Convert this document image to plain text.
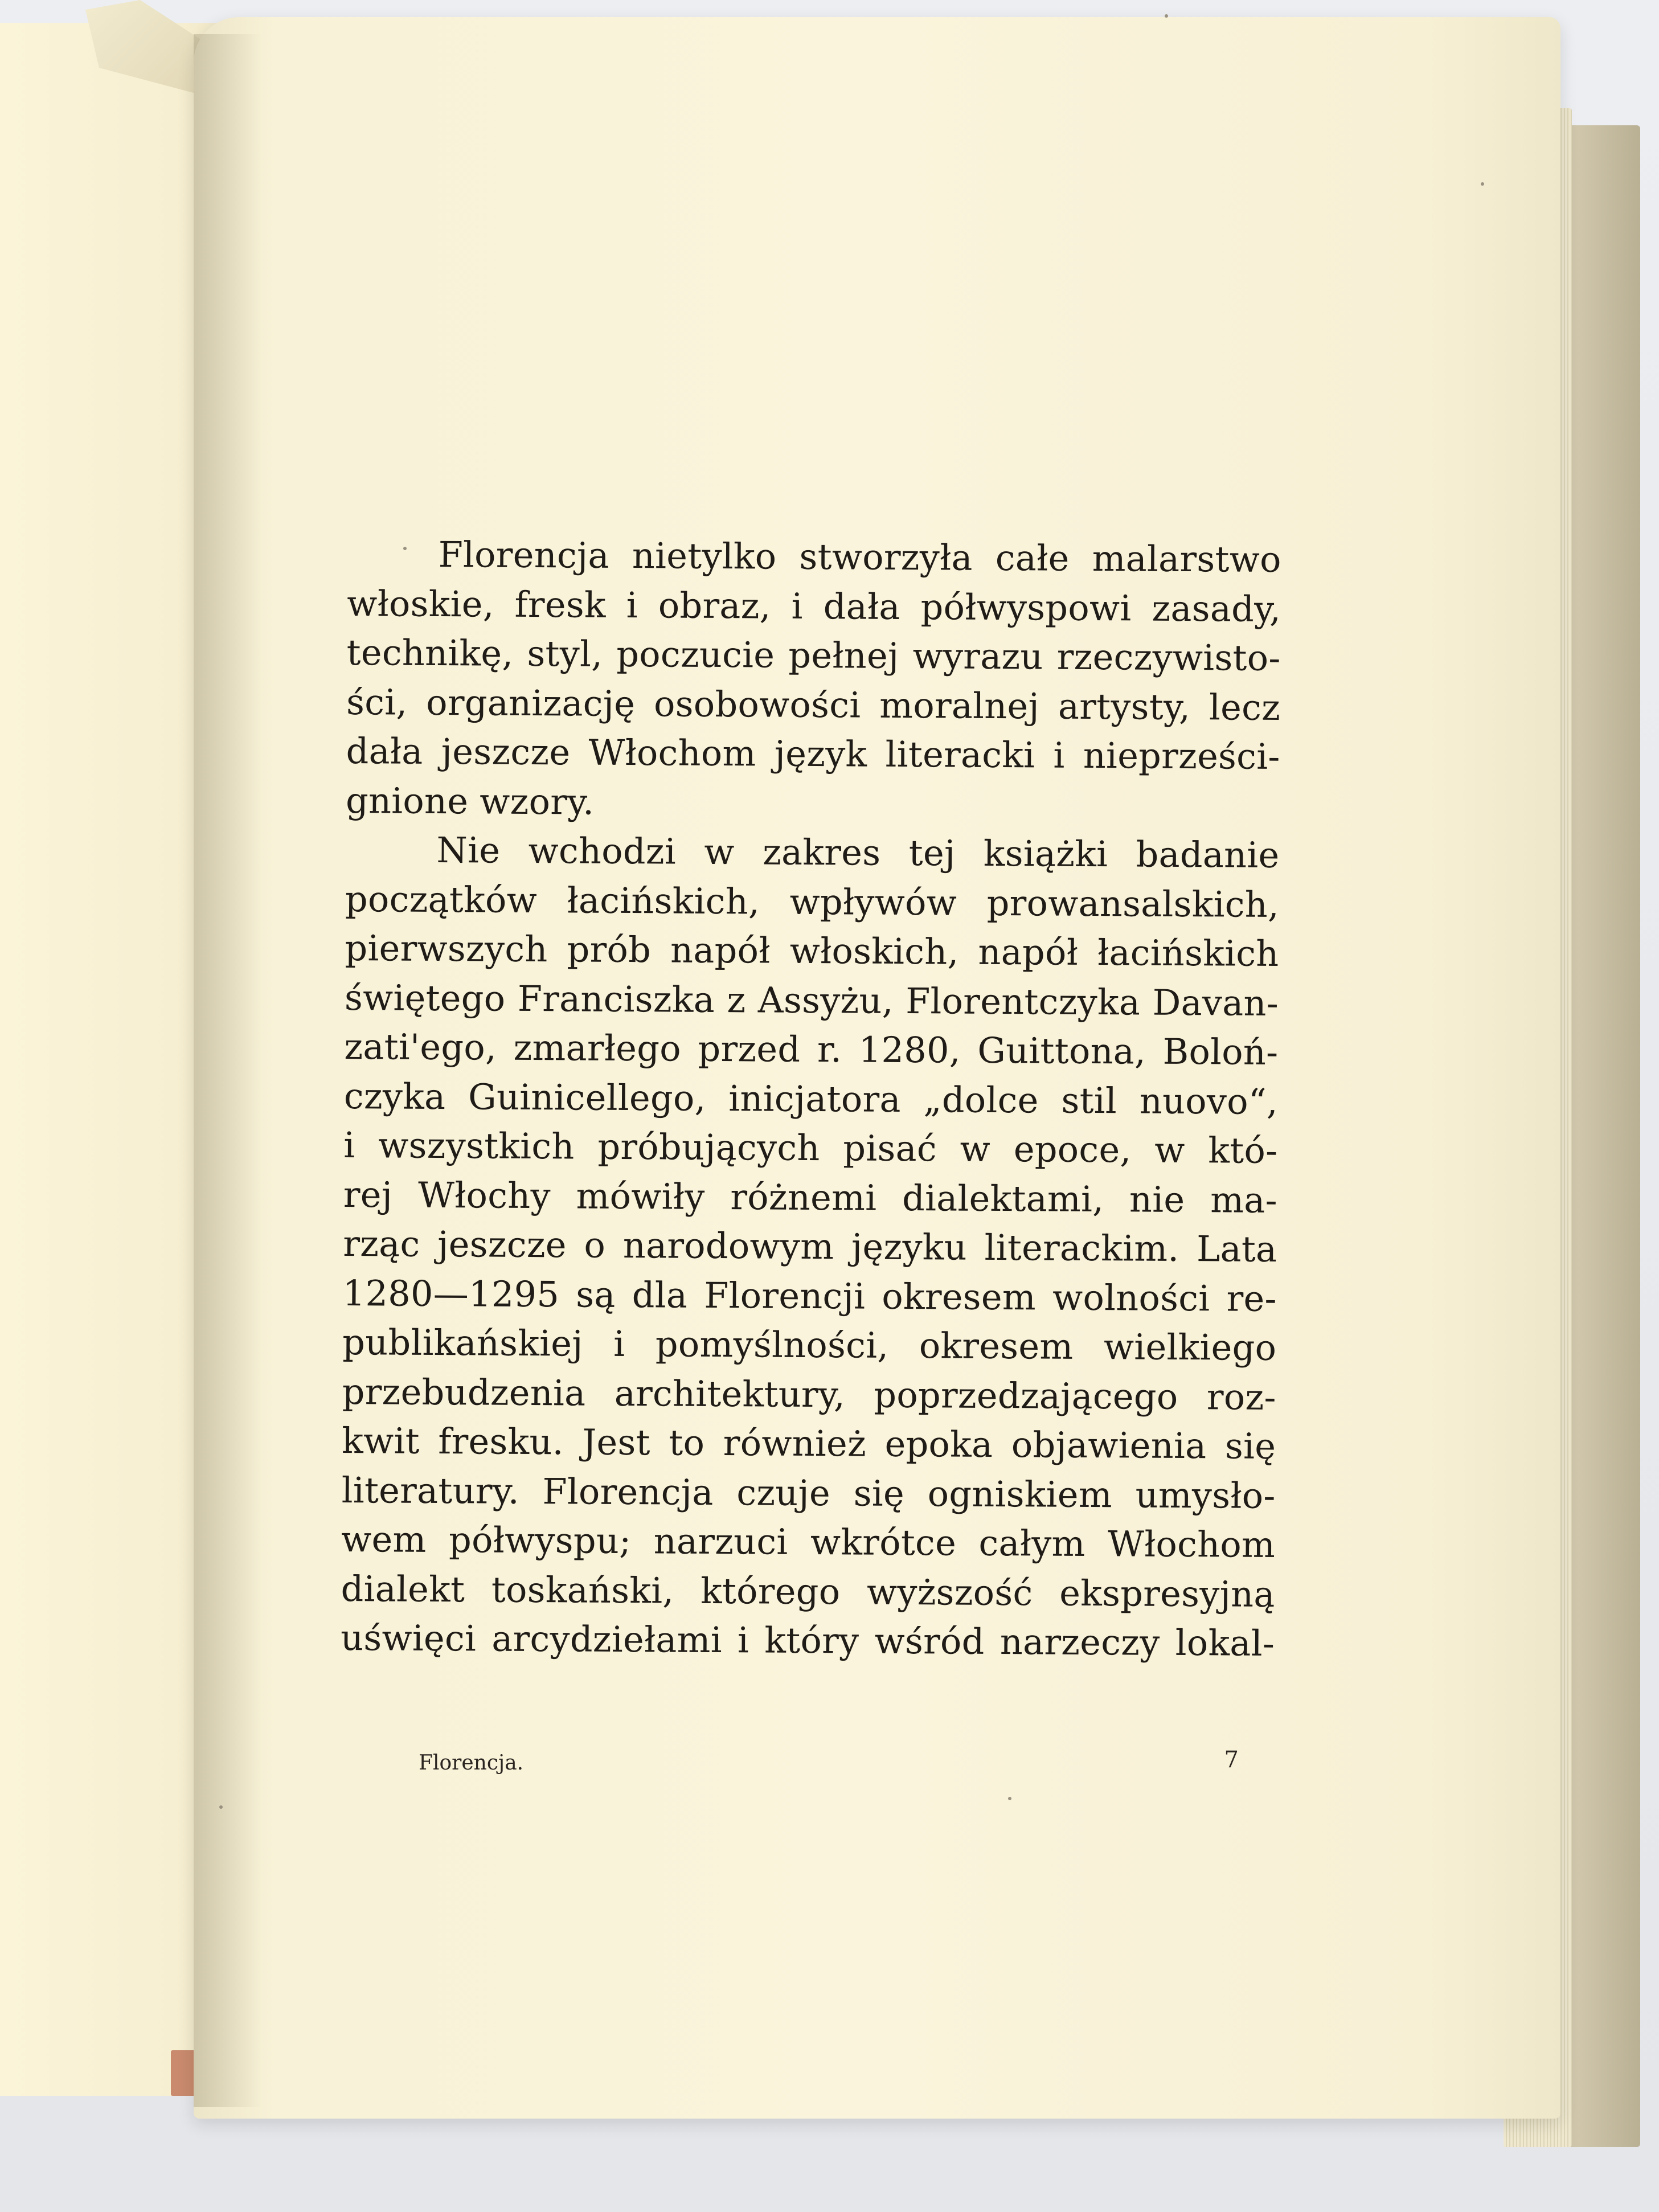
Florencja nietylko stworzyła całe malarstwo
włoskie, fresk i obraz, i dała półwyspowi zasady,
technikę, styl, poczucie pełnej wyrazu rzeczywisto-
ści, organizację osobowości moralnej artysty, lecz
dała jeszcze Włochom język literacki i nieprześci-
gnione wzory.
Nie wchodzi w zakres tej książki badanie
początków łacińskich, wpływów prowansalskich,
pierwszych prób napół włoskich, napół łacińskich
świętego Franciszka z Assyżu, Florentczyka Davan-
zati'ego, zmarłego przed r. 1280, Guittona, Boloń-
czyka Guinicellego, inicjatora „dolce stil nuovo“,
i wszystkich próbujących pisać w epoce, w któ-
rej Włochy mówiły różnemi dialektami, nie ma-
rząc jeszcze o narodowym języku literackim. Lata
1280—1295 są dla Florencji okresem wolności re-
publikańskiej i pomyślności, okresem wielkiego
przebudzenia architektury, poprzedzającego roz-
kwit fresku. Jest to również epoka objawienia się
literatury. Florencja czuje się ogniskiem umysło-
wem półwyspu; narzuci wkrótce całym Włochom
dialekt toskański, którego wyższość ekspresyjną
uświęci arcydziełami i który wśród narzeczy lokal-
Florencja.	7
